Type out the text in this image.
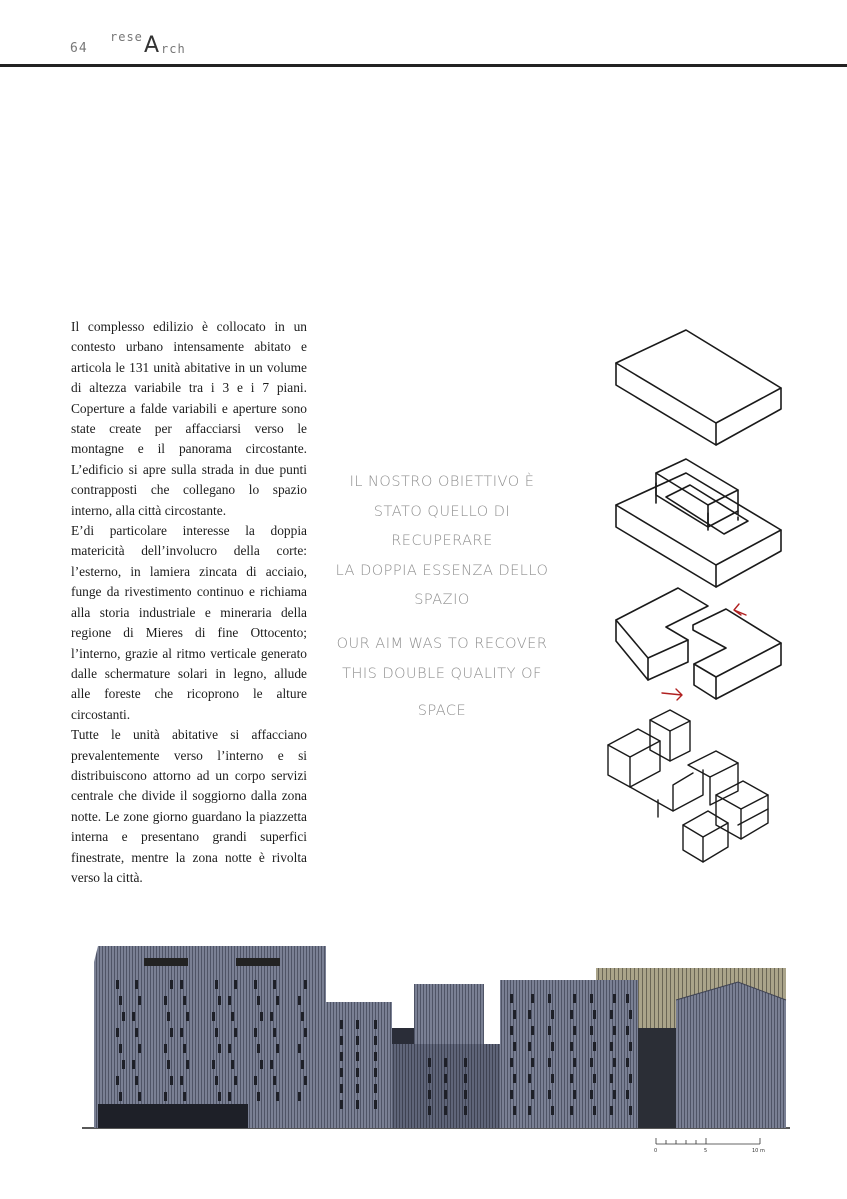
64
rese A rch

Il complesso edilizio è collocato in un contesto urbano intensamente abitato e articola le 131 unità abitative in un volume di altezza variabile tra i 3 e i 7 piani. Coperture a falde variabili e aperture sono state create per affacciarsi verso le montagne e il panorama circostante. L’edificio si apre sulla strada in due punti contrapposti che collegano lo spazio interno, alla città circostante.

E’di particolare interesse la doppia matericità dell’involucro della corte: l’esterno, in lamiera zincata di acciaio, funge da rivestimento continuo e richiama alla storia industriale e mineraria della regione di Mieres di fine Ottocento; l’interno, grazie al ritmo verticale generato dalle schermature solari in legno, allude alle foreste che ricoprono le alture circostanti.

Tutte le unità abitative si affacciano prevalentemente verso l’interno e si distribuiscono attorno ad un corpo servizi centrale che divide il soggiorno dalla zona notte. Le zone giorno guardano la piazzetta interna e presentano grandi superfici finestrate, mentre la zona notte è rivolta verso la città.

IL NOSTRO OBIETTIVO È
STATO QUELLO DI RECUPERARE
LA DOPPIA ESSENZA DELLO
SPAZIO
OUR AIM WAS TO RECOVER
THIS DOUBLE QUALITY OF
SPACE
0	5	10 m
